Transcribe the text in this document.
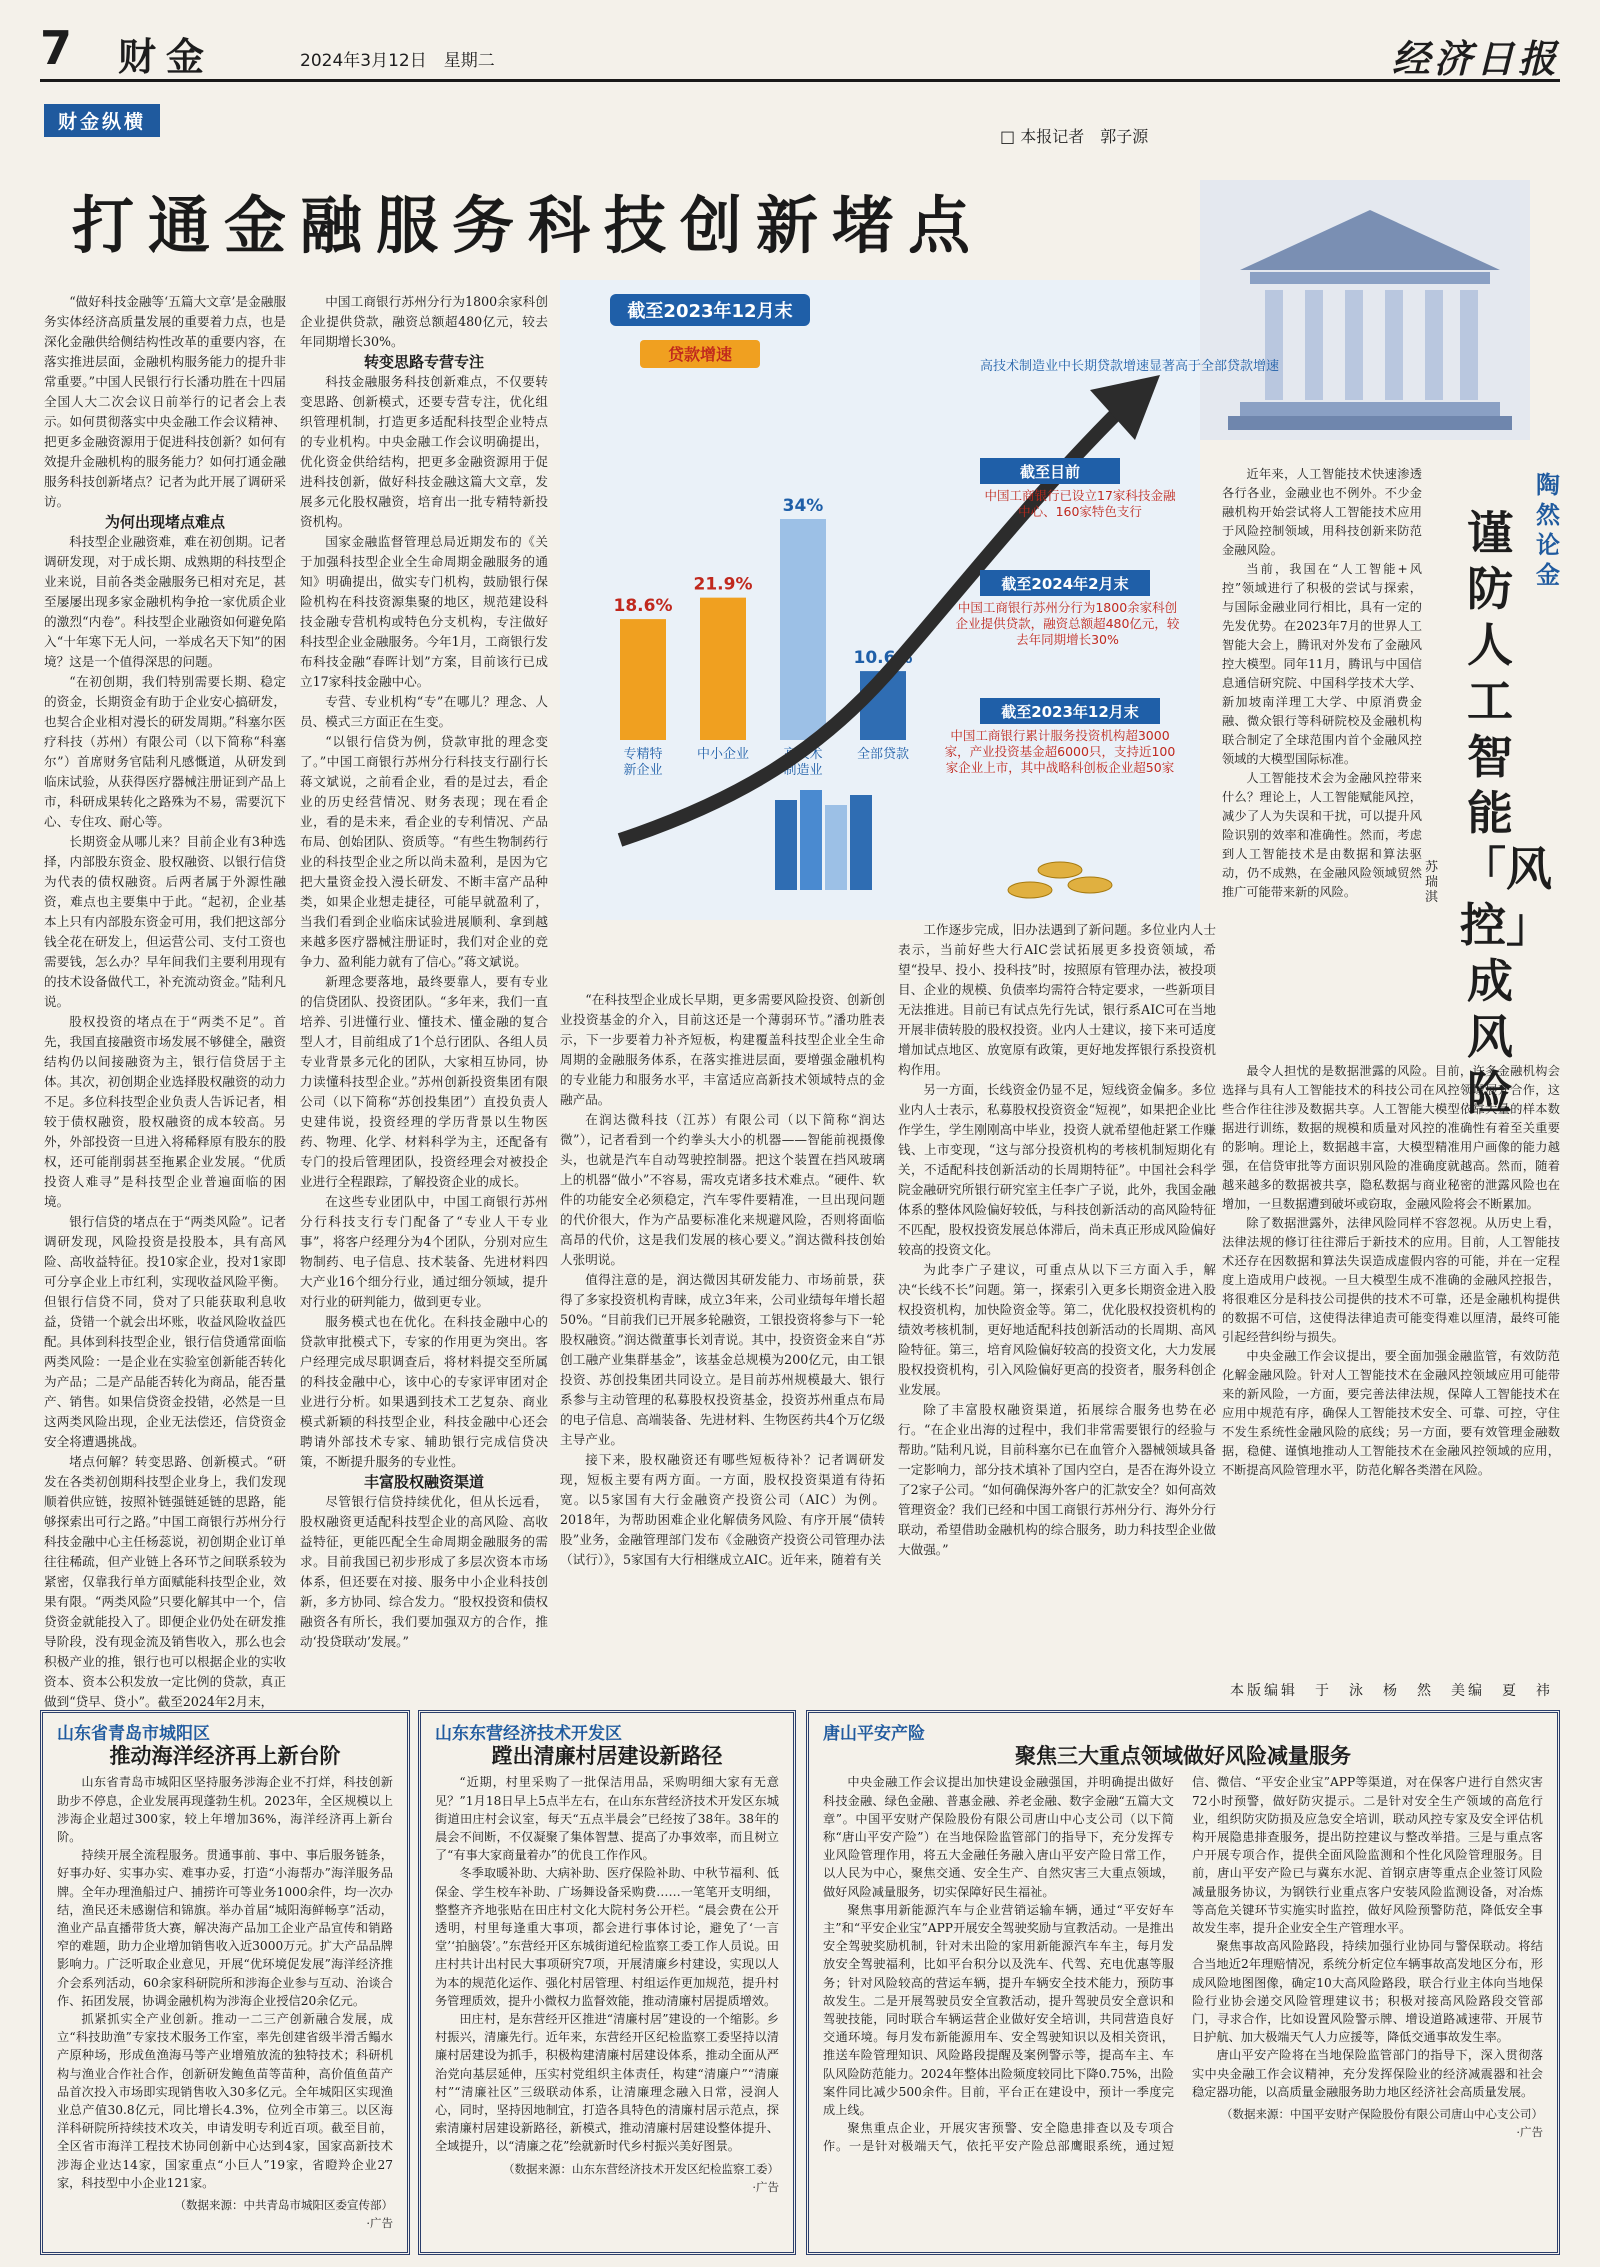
7 财金	2024年3月12日　星期二	经济日报
财金纵横
□ 本报记者　郭子源
打通金融服务科技创新堵点
截至2023年12月末
贷款增速
18.6%
专精特新企业
21.9%
中小企业
34%
高技术制造业
10.6%
全部贷款
高技术制造业中长期贷款增速显著高于全部贷款增速
截至目前
中国工商银行已设立17家科技金融中心、160家特色支行
截至2024年2月末
中国工商银行苏州分行为1800余家科创企业提供贷款，融资总额超480亿元，较去年同期增长30%
截至2023年12月末
中国工商银行累计服务投资机构超3000家，产业投资基金超6000只，支持近100家企业上市，其中战略科创板企业超50家

“做好科技金融等‘五篇大文章’是金融服务实体经济高质量发展的重要着力点，也是深化金融供给侧结构性改革的重要内容，在落实推进层面，金融机构服务能力的提升非常重要。”中国人民银行行长潘功胜在十四届全国人大二次会议日前举行的记者会上表示。如何贯彻落实中央金融工作会议精神、把更多金融资源用于促进科技创新？如何有效提升金融机构的服务能力？如何打通金融服务科技创新堵点？记者为此开展了调研采访。

为何出现堵点难点

科技型企业融资难，难在初创期。记者调研发现，对于成长期、成熟期的科技型企业来说，目前各类金融服务已相对充足，甚至屡屡出现多家金融机构争抢一家优质企业的激烈“内卷”。科技型企业融资如何避免陷入“十年寒下无人问，一举成名天下知”的困境？这是一个值得深思的问题。

“在初创期，我们特别需要长期、稳定的资金，长期资金有助于企业安心搞研发，也契合企业相对漫长的研发周期。”科塞尔医疗科技（苏州）有限公司（以下简称“科塞尔”）首席财务官陆利凡感慨道，从研发到临床试验，从获得医疗器械注册证到产品上市，科研成果转化之路殊为不易，需要沉下心、专住攻、耐心等。

长期资金从哪儿来？目前企业有3种选择，内部股东资金、股权融资、以银行信贷为代表的债权融资。后两者属于外源性融资，难点也主要集中于此。“起初，企业基本上只有内部股东资金可用，我们把这部分钱全花在研发上，但运营公司、支付工资也需要钱，怎么办？早年间我们主要利用现有的技术设备做代工，补充流动资金。”陆利凡说。

股权投资的堵点在于“两类不足”。首先，我国直接融资市场发展不够健全，融资结构仍以间接融资为主，银行信贷居于主体。其次，初创期企业选择股权融资的动力不足。多位科技型企业负责人告诉记者，相较于债权融资，股权融资的成本较高。另外，外部投资一旦进入将稀释原有股东的股权，还可能削弱甚至拖累企业发展。“优质投资人难寻”是科技型企业普遍面临的困境。

银行信贷的堵点在于“两类风险”。记者调研发现，风险投资是投股本，具有高风险、高收益特征。投10家企业，投对1家即可分享企业上市红利，实现收益风险平衡。但银行信贷不同，贷对了只能获取利息收益，贷错一个就会出坏账，收益风险收益匹配。具体到科技型企业，银行信贷通常面临两类风险：一是企业在实验室创新能否转化为产品；二是产品能否转化为商品，能否量产、销售。如果信贷资金投错，必然是一旦这两类风险出现，企业无法偿还，信贷资金安全将遭遇挑战。

堵点何解？转变思路、创新模式。“研发在各类初创期科技型企业身上，我们发现顺着供应链，按照补链强链延链的思路，能够探索出可行之路。”中国工商银行苏州分行科技金融中心主任杨蕊说，初创期企业订单往往稀疏，但产业链上各环节之间联系较为紧密，仅靠我行单方面赋能科技型企业，效果有限。“两类风险”只要化解其中一个，信贷资金就能投入了。即便企业仍处在研发推导阶段，没有现金流及销售收入，那么也会积极产业的推，银行也可以根据企业的实收资本、资本公积发放一定比例的贷款，真正做到“贷早、贷小”。截至2024年2月末，

中国工商银行苏州分行为1800余家科创企业提供贷款，融资总额超480亿元，较去年同期增长30%。

转变思路专营专注

科技金融服务科技创新难点，不仅要转变思路、创新模式，还要专营专注，优化组织管理机制，打造更多适配科技型企业特点的专业机构。中央金融工作会议明确提出，优化资金供给结构，把更多金融资源用于促进科技创新，做好科技金融这篇大文章，发展多元化股权融资，培育出一批专精特新投资机构。

国家金融监督管理总局近期发布的《关于加强科技型企业全生命周期金融服务的通知》明确提出，做实专门机构，鼓励银行保险机构在科技资源集聚的地区，规范建设科技金融专营机构或特色分支机构，专注做好科技型企业金融服务。今年1月，工商银行发布科技金融“春晖计划”方案，目前该行已成立17家科技金融中心。

专营、专业机构“专”在哪儿？理念、人员、模式三方面正在生变。

“以银行信贷为例，贷款审批的理念变了。”中国工商银行苏州分行科技支行副行长蒋文斌说，之前看企业，看的是过去，看企业的历史经营情况、财务表现；现在看企业，看的是未来，看企业的专利情况、产品布局、创始团队、资质等。“有些生物制药行业的科技型企业之所以尚未盈利，是因为它把大量资金投入漫长研发、不断丰富产品种类，如果企业想走捷径，可能早就盈利了，当我们看到企业临床试验进展顺利、拿到越来越多医疗器械注册证时，我们对企业的竞争力、盈利能力就有了信心。”蒋文斌说。

新理念要落地，最终要靠人，要有专业的信贷团队、投资团队。“多年来，我们一直培养、引进懂行业、懂技术、懂金融的复合型人才，目前组成了1个总行团队、各组人员专业背景多元化的团队，大家相互协同，协力读懂科技型企业。”苏州创新投资集团有限公司（以下简称“苏创投集团”）直投负责人史建伟说，投资经理的学历背景以生物医药、物理、化学、材料科学为主，还配备有专门的投后管理团队，投资经理会对被投企业进行全程跟踪，了解投资企业的成长。

在这些专业团队中，中国工商银行苏州分行科技支行专门配备了“专业人干专业事”，将客户经理分为4个团队，分别对应生物制药、电子信息、技术装备、先进材料四大产业16个细分行业，通过细分领域，提升对行业的研判能力，做到更专业。

服务模式也在优化。在科技金融中心的贷款审批模式下，专家的作用更为突出。客户经理完成尽职调查后，将材料提交至所属的科技金融中心，该中心的专家评审团对企业进行分析。如果遇到技术工艺复杂、商业模式新颖的科技型企业，科技金融中心还会聘请外部技术专家、辅助银行完成信贷决策，不断提升服务的专业性。

丰富股权融资渠道

尽管银行信贷持续优化，但从长远看，股权融资更适配科技型企业的高风险、高收益特征，更能匹配全生命周期金融服务的需求。目前我国已初步形成了多层次资本市场体系，但还要在对接、服务中小企业科技创新，多方协同、综合发力。“股权投资和债权融资各有所长，我们要加强双方的合作，推动‘投贷联动’发展。”

“在科技型企业成长早期，更多需要风险投资、创新创业投资基金的介入，目前这还是一个薄弱环节。”潘功胜表示，下一步要着力补齐短板，构建覆盖科技型企业全生命周期的金融服务体系，在落实推进层面，要增强金融机构的专业能力和服务水平，丰富适应高新技术领域特点的金融产品。

在润达微科技（江苏）有限公司（以下简称“润达微”），记者看到一个约拳头大小的机器——智能前视摄像头，也就是汽车自动驾驶控制器。把这个装置在挡风玻璃上的机器“做小”不容易，需攻克诸多技术难点。“硬件、软件的功能安全必须稳定，汽车零件要精准，一旦出现问题的代价很大，作为产品要标准化来规避风险，否则将面临高昂的代价，这是我们发展的核心要义。”润达微科技创始人张明说。

值得注意的是，润达微因其研发能力、市场前景，获得了多家投资机构青睐，成立3年来，公司业绩每年增长超50%。“目前我们已开展多轮融资，工银投资将参与下一轮股权融资。”润达微董事长刘青说。其中，投资资金来自“苏创工融产业集群基金”，该基金总规模为200亿元，由工银投资、苏创投集团共同设立。是目前苏州规模最大、银行系参与主动管理的私募股权投资基金，投资苏州重点布局的电子信息、高端装备、先进材料、生物医药共4个万亿级主导产业。

接下来，股权融资还有哪些短板待补？记者调研发现，短板主要有两方面。一方面，股权投资渠道有待拓宽。以5家国有大行金融资产投资公司（AIC）为例。2018年，为帮助困难企业化解债务风险、有序开展“债转股”业务，金融管理部门发布《金融资产投资公司管理办法（试行）》，5家国有大行相继成立AIC。近年来，随着有关

工作逐步完成，旧办法遇到了新问题。多位业内人士表示，当前好些大行AIC尝试拓展更多投资领域，希望“投早、投小、投科技”时，按照原有管理办法，被投项目、企业的规模、负债率均需符合特定要求，一些新项目无法推进。目前已有试点先行先试，银行系AIC可在当地开展非债转股的股权投资。业内人士建议，接下来可适度增加试点地区、放宽原有政策，更好地发挥银行系投资机构作用。

另一方面，长线资金仍显不足，短线资金偏多。多位业内人士表示，私募股权投资资金“短视”，如果把企业比作学生，学生刚刚高中毕业，投资人就希望他赶紧工作赚钱、上市变现，“这与部分投资机构的考核机制短期化有关，不适配科技创新活动的长周期特征”。中国社会科学院金融研究所银行研究室主任李广子说，此外，我国金融体系的整体风险偏好较低，与科技创新活动的高风险特征不匹配，股权投资发展总体滞后，尚未真正形成风险偏好较高的投资文化。

为此李广子建议，可重点从以下三方面入手，解决“长线不长”问题。第一，探索引入更多长期资金进入股权投资机构，加快险资金等。第二，优化股权投资机构的绩效考核机制，更好地适配科技创新活动的长周期、高风险特征。第三，培育风险偏好较高的投资文化，大力发展股权投资机构，引入风险偏好更高的投资者，服务科创企业发展。

除了丰富股权融资渠道，拓展综合服务也势在必行。“在企业出海的过程中，我们非常需要银行的经验与帮助。”陆利凡说，目前科塞尔已在血管介入器械领域具备一定影响力，部分技术填补了国内空白，是否在海外设立了2家子公司。“如何确保海外客户的汇款安全？如何高效管理资金？我们已经和中国工商银行苏州分行、海外分行联动，希望借助金融机构的综合服务，助力科技型企业做大做强。”

陶然论金
谨防人工智能「风控」成风险
苏瑞淇

近年来，人工智能技术快速渗透各行各业，金融业也不例外。不少金融机构开始尝试将人工智能技术应用于风险控制领域，用科技创新来防范金融风险。

当前，我国在“人工智能+风控”领域进行了积极的尝试与探索，与国际金融业同行相比，具有一定的先发优势。在2023年7月的世界人工智能大会上，腾讯对外发布了金融风控大模型。同年11月，腾讯与中国信息通信研究院、中国科学技术大学、新加坡南洋理工大学、中原消费金融、微众银行等科研院校及金融机构联合制定了全球范围内首个金融风控领域的大模型国际标准。

人工智能技术会为金融风控带来什么？理论上，人工智能赋能风控，减少了人为失误和干扰，可以提升风险识别的效率和准确性。然而，考虑到人工智能技术是由数据和算法驱动，仍不成熟，在金融风险领域贸然推广可能带来新的风险。

最令人担忧的是数据泄露的风险。目前，许多金融机构会选择与具有人工智能技术的科技公司在风控领域展开合作，这些合作往往涉及数据共享。人工智能大模型依靠大量的样本数据进行训练，数据的规模和质量对风控的准确性有着至关重要的影响。理论上，数据越丰富，大模型精准用户画像的能力越强，在信贷审批等方面识别风险的准确度就越高。然而，随着越来越多的数据被共享，隐私数据与商业秘密的泄露风险也在增加，一旦数据遭到破坏或窃取，金融风险将会不断累加。

除了数据泄露外，法律风险同样不容忽视。从历史上看，法律法规的修订往往滞后于新技术的应用。目前，人工智能技术还存在因数据和算法失误造成虚假内容的可能，并在一定程度上造成用户歧视。一旦大模型生成不准确的金融风控报告，将很难区分是科技公司提供的技术不可靠，还是金融机构提供的数据不可信，这使得法律追责可能变得难以厘清，最终可能引起经营纠纷与损失。

中央金融工作会议提出，要全面加强金融监管，有效防范化解金融风险。针对人工智能技术在金融风控领域应用可能带来的新风险，一方面，要完善法律法规，保障人工智能技术在应用中规范有序，确保人工智能技术安全、可靠、可控，守住不发生系统性金融风险的底线；另一方面，要有效管理金融数据，稳健、谨慎地推动人工智能技术在金融风控领域的应用，不断提高风险管理水平，防范化解各类潜在风险。

本版编辑　于　泳　杨　然　美编　夏　祎
山东省青岛市城阳区
推动海洋经济再上新台阶

山东省青岛市城阳区坚持服务涉海企业不打烊，科技创新助步不停息，企业发展再现蓬勃生机。2023年，全区规模以上涉海企业超过300家，较上年增加36%，海洋经济再上新台阶。

持续开展全流程服务。贯通事前、事中、事后服务链条，好事办好、实事办实、难事办妥，打造“小海帮办”海洋服务品牌。全年办理渔船过户、捕捞许可等业务1000余件，均一次办结，渔民还未感谢信和锦旗。举办首届“城阳海鲜畅享”活动，渔业产品直播带货大赛，解决海产品加工企业产品宣传和销路窄的难题，助力企业增加销售收入近3000万元。扩大产品品牌影响力。广泛听取企业意见，开展“优环境促发展”海洋经济推介会系列活动，60余家科研院所和涉海企业参与互动、治谈合作、拓团发展，协调金融机构为涉海企业授信20余亿元。

抓紧抓实全产业创新。推动一二三产创新融合发展，成立“科技助渔”专家技术服务工作室，率先创建省级半滑舌鳎水产原种场，形成鱼渔海马等产业增殖放流的独特技术；科研机构与渔业合作社合作，创新研发鲍鱼苗等苗种，高价值鱼苗产品首次投入市场即实现销售收入30多亿元。全年城阳区实现渔业总产值30.8亿元，同比增长4.3%，位列全市第三。以区海洋科研院所持续技术攻关，申请发明专利近百项。截至目前，全区省市海洋工程技术协同创新中心达到4家，国家高新技术涉海企业达14家，国家重点“小巨人”19家，省瞪羚企业27家，科技型中小企业121家。

（数据来源：中共青岛市城阳区委宣传部）

·广告

山东东营经济技术开发区
蹚出清廉村居建设新路径

“近期，村里采购了一批保洁用品，采购明细大家有无意见？”1月18日早上5点半左右，在山东东营经济技术开发区东城街道田庄村会议室，每天“五点半晨会”已经按了38年。38年的晨会不间断，不仅凝聚了集体智慧、提高了办事效率，而且树立了“有事大家商量着办”的优良工作作风。

冬季取暖补助、大病补助、医疗保险补助、中秋节福利、低保金、学生校车补助、广场舞设备采购费……一笔笔开支明细，整整齐齐地张贴在田庄村文化大院村务公开栏。“晨会费在公开透明，村里每逢重大事项，都会进行事体讨论，避免了‘一言堂’‘拍脑袋’。”东营经开区东城街道纪检监察工委工作人员说。田庄村共计出村民大事项研究7项，开展清廉乡村建设，实现以人为本的规范化运作、强化村居管理、村组运作更加规范，提升村务管理质效，提升小微权力监督效能，推动清廉村居提质增效。

田庄村，是东营经开区推进“清廉村居”建设的一个缩影。乡村振兴，清廉先行。近年来，东营经开区纪检监察工委坚持以清廉村居建设为抓手，积极构建清廉村居建设体系，推动全面从严治党向基层延伸，压实村党组织主体责任，构建“清廉户”“清廉村”“清廉社区”三级联动体系，让清廉理念融入日常，浸润人心，同时，坚持因地制宜，打造各具特色的清廉村居示范点，探索清廉村居建设新路径，新模式，推动清廉村居建设整体提升、全域提升，以“清廉之花”绘就新时代乡村振兴美好图景。

（数据来源：山东东营经济技术开发区纪检监察工委）

·广告

唐山平安产险
聚焦三大重点领域做好风险减量服务

中央金融工作会议提出加快建设金融强国，并明确提出做好科技金融、绿色金融、普惠金融、养老金融、数字金融“五篇大文章”。中国平安财产保险股份有限公司唐山中心支公司（以下简称“唐山平安产险”）在当地保险监管部门的指导下，充分发挥专业风险管理作用，将五大金融任务融入唐山平安产险日常工作，以人民为中心，聚焦交通、安全生产、自然灾害三大重点领域，做好风险减量服务，切实保障好民生福祉。

聚焦事用新能源汽车与企业营销运输车辆，通过“平安好车主”和“平安企业宝”APP开展安全驾驶奖励与宣教活动。一是推出安全驾驶奖励机制，针对未出险的家用新能源汽车车主，每月发放安全驾驶福利，比如平台积分以及洗车、代驾、充电优惠等服务；针对风险较高的营运车辆，提升车辆安全技术能力，预防事故发生。二是开展驾驶员安全宣教活动，提升驾驶员安全意识和驾驶技能，同时联合车辆运营企业做好安全培训，共同营造良好交通环境。每月发布新能源用车、安全驾驶知识以及相关资讯，推送车险管理知识、风险路段提醒及案例警示等，提高车主、车队风险防范能力。2024年整体出险频度较同比下降0.75%，出险案件同比减少500余件。目前，平台正在建设中，预计一季度完成上线。

聚焦重点企业，开展灾害预警、安全隐患排查以及专项合作。一是针对极端天气，依托平安产险总部鹰眼系统，通过短信、微信、“平安企业宝”APP等渠道，对在保客户进行自然灾害72小时预警，做好防灾提示。二是针对安全生产领域的高危行业，组织防灾防损及应急安全培训，联动风控专家及安全评估机构开展隐患排查服务，提出防控建议与整改举措。三是与重点客户开展专项合作，提供全面风险监测和个性化风险管理服务。目前，唐山平安产险已与冀东水泥、首钢京唐等重点企业签订风险减量服务协议，为钢铁行业重点客户安装风险监测设备，对冶炼等高危关键环节实施实时监控，做好风险预警防范，降低安全事故发生率，提升企业安全生产管理水平。

聚焦事故高风险路段，持续加强行业协同与警保联动。将结合当地近2年理赔情况，系统分析定位车辆事故高发地区分布，形成风险地图图像，确定10大高风险路段，联合行业主体向当地保险行业协会递交风险管理建议书；积极对接高风险路段交管部门，寻求合作，比如设置风险警示牌、增设道路减速带、开展节日护航、加大极端天气人力应援等，降低交通事故发生率。

唐山平安产险将在当地保险监管部门的指导下，深入贯彻落实中央金融工作会议精神，充分发挥保险业的经济减震器和社会稳定器功能，以高质量金融服务助力地区经济社会高质量发展。

（数据来源：中国平安财产保险股份有限公司唐山中心支公司）

·广告
